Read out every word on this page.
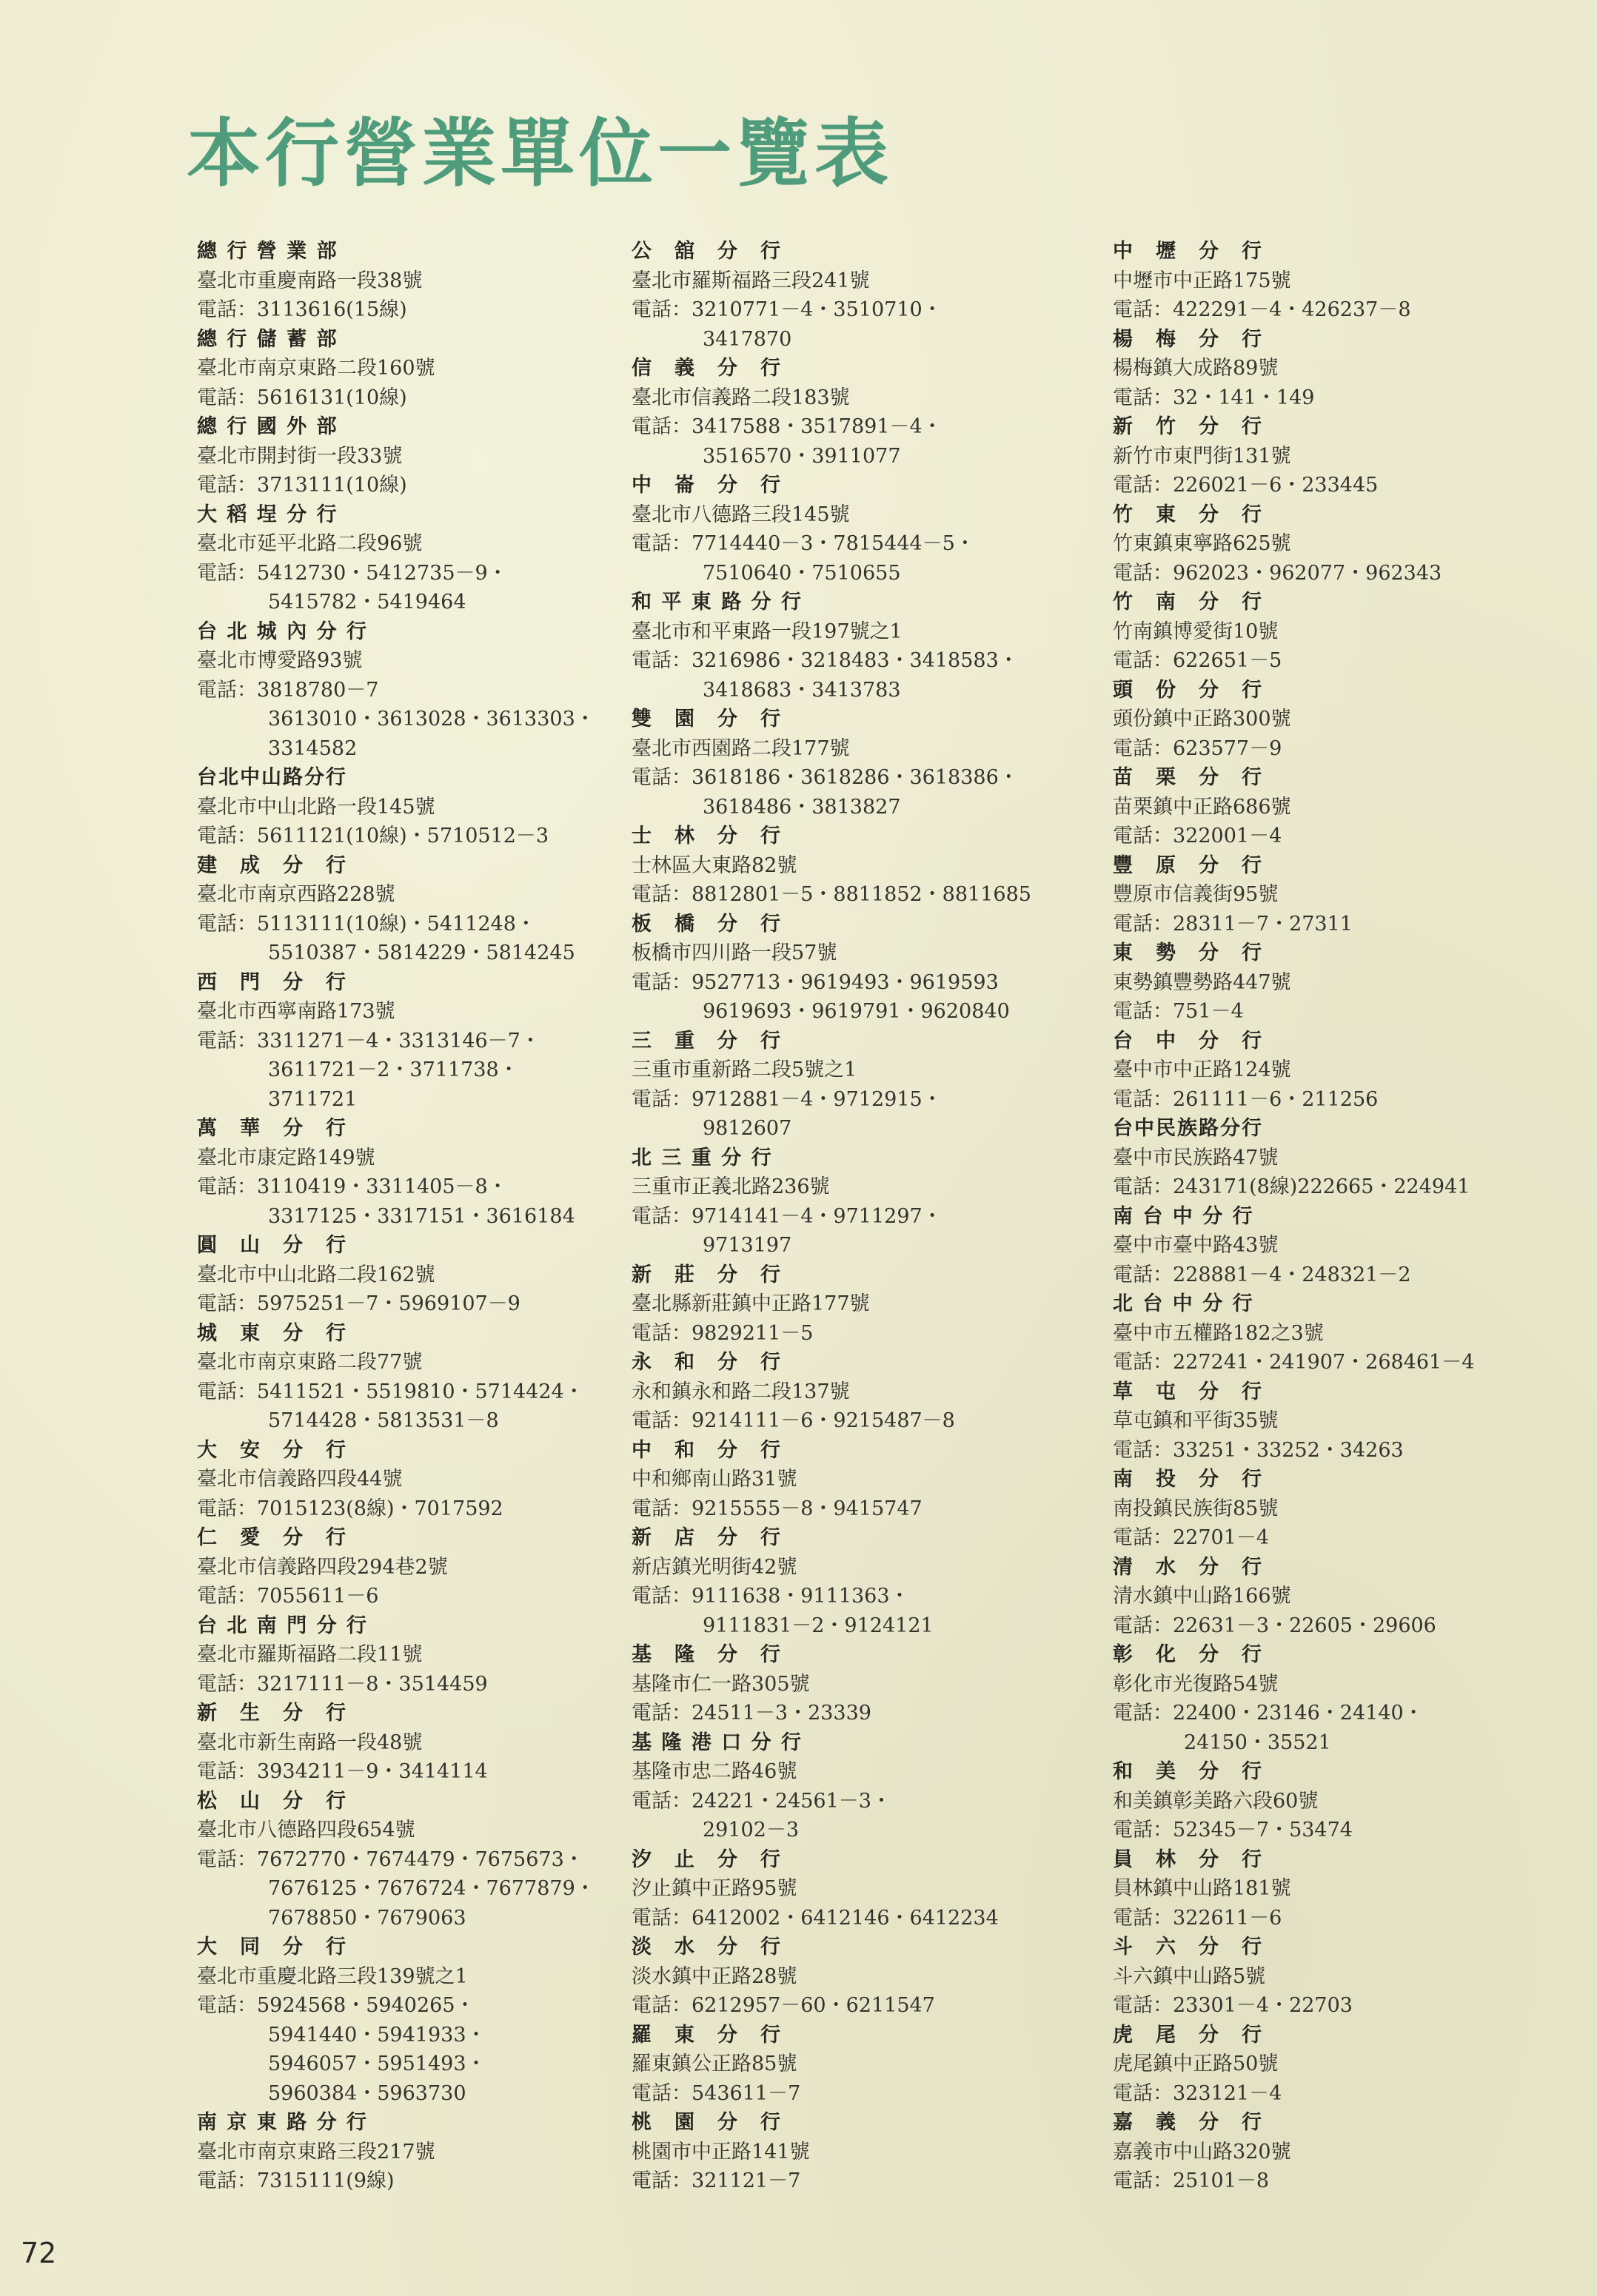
本行營業單位一覽表
總 行 營 業 部
臺北市重慶南路一段38號
電話：3113616(15線)
總 行 儲 蓄 部
臺北市南京東路二段160號
電話：5616131(10線)
總 行 國 外 部
臺北市開封街一段33號
電話：3713111(10線)
大 稻 埕 分 行
臺北市延平北路二段96號
電話：5412730・5412735－9・
5415782・5419464
台 北 城 內 分 行
臺北市博愛路93號
電話：3818780－7
3613010・3613028・3613303・
3314582
台北中山路分行
臺北市中山北路一段145號
電話：5611121(10線)・5710512－3
建　成　分　行
臺北市南京西路228號
電話：5113111(10線)・5411248・
5510387・5814229・5814245
西　門　分　行
臺北市西寧南路173號
電話：3311271－4・3313146－7・
3611721－2・3711738・
3711721
萬　華　分　行
臺北市康定路149號
電話：3110419・3311405－8・
3317125・3317151・3616184
圓　山　分　行
臺北市中山北路二段162號
電話：5975251－7・5969107－9
城　東　分　行
臺北市南京東路二段77號
電話：5411521・5519810・5714424・
5714428・5813531－8
大　安　分　行
臺北市信義路四段44號
電話：7015123(8線)・7017592
仁　愛　分　行
臺北市信義路四段294巷2號
電話：7055611－6
台 北 南 門 分 行
臺北市羅斯福路二段11號
電話：3217111－8・3514459
新　生　分　行
臺北市新生南路一段48號
電話：3934211－9・3414114
松　山　分　行
臺北市八德路四段654號
電話：7672770・7674479・7675673・
7676125・7676724・7677879・
7678850・7679063
大　同　分　行
臺北市重慶北路三段139號之1
電話：5924568・5940265・
5941440・5941933・
5946057・5951493・
5960384・5963730
南 京 東 路 分 行
臺北市南京東路三段217號
電話：7315111(9線)
公　舘　分　行
臺北市羅斯福路三段241號
電話：3210771－4・3510710・
3417870
信　義　分　行
臺北市信義路二段183號
電話：3417588・3517891－4・
3516570・3911077
中　崙　分　行
臺北市八德路三段145號
電話：7714440－3・7815444－5・
7510640・7510655
和 平 東 路 分 行
臺北市和平東路一段197號之1
電話：3216986・3218483・3418583・
3418683・3413783
雙　園　分　行
臺北市西園路二段177號
電話：3618186・3618286・3618386・
3618486・3813827
士　林　分　行
士林區大東路82號
電話：8812801－5・8811852・8811685
板　橋　分　行
板橋市四川路一段57號
電話：9527713・9619493・9619593
9619693・9619791・9620840
三　重　分　行
三重市重新路二段5號之1
電話：9712881－4・9712915・
9812607
北 三 重 分 行
三重市正義北路236號
電話：9714141－4・9711297・
9713197
新　莊　分　行
臺北縣新莊鎮中正路177號
電話：9829211－5
永　和　分　行
永和鎮永和路二段137號
電話：9214111－6・9215487－8
中　和　分　行
中和鄉南山路31號
電話：9215555－8・9415747
新　店　分　行
新店鎮光明街42號
電話：9111638・9111363・
9111831－2・9124121
基　隆　分　行
基隆市仁一路305號
電話：24511－3・23339
基 隆 港 口 分 行
基隆市忠二路46號
電話：24221・24561－3・
29102－3
汐　止　分　行
汐止鎮中正路95號
電話：6412002・6412146・6412234
淡　水　分　行
淡水鎮中正路28號
電話：6212957－60・6211547
羅　東　分　行
羅東鎮公正路85號
電話：543611－7
桃　園　分　行
桃園市中正路141號
電話：321121－7
中　壢　分　行
中壢市中正路175號
電話：422291－4・426237－8
楊　梅　分　行
楊梅鎮大成路89號
電話：32・141・149
新　竹　分　行
新竹市東門街131號
電話：226021－6・233445
竹　東　分　行
竹東鎮東寧路625號
電話：962023・962077・962343
竹　南　分　行
竹南鎮博愛街10號
電話：622651－5
頭　份　分　行
頭份鎮中正路300號
電話：623577－9
苗　栗　分　行
苗栗鎮中正路686號
電話：322001－4
豐　原　分　行
豐原市信義街95號
電話：28311－7・27311
東　勢　分　行
東勢鎮豐勢路447號
電話：751－4
台　中　分　行
臺中市中正路124號
電話：261111－6・211256
台中民族路分行
臺中市民族路47號
電話：243171(8線)222665・224941
南 台 中 分 行
臺中市臺中路43號
電話：228881－4・248321－2
北 台 中 分 行
臺中市五權路182之3號
電話：227241・241907・268461－4
草　屯　分　行
草屯鎮和平街35號
電話：33251・33252・34263
南　投　分　行
南投鎮民族街85號
電話：22701－4
清　水　分　行
清水鎮中山路166號
電話：22631－3・22605・29606
彰　化　分　行
彰化市光復路54號
電話：22400・23146・24140・
24150・35521
和　美　分　行
和美鎮彰美路六段60號
電話：52345－7・53474
員　林　分　行
員林鎮中山路181號
電話：322611－6
斗　六　分　行
斗六鎮中山路5號
電話：23301－4・22703
虎　尾　分　行
虎尾鎮中正路50號
電話：323121－4
嘉　義　分　行
嘉義市中山路320號
電話：25101－8
72
